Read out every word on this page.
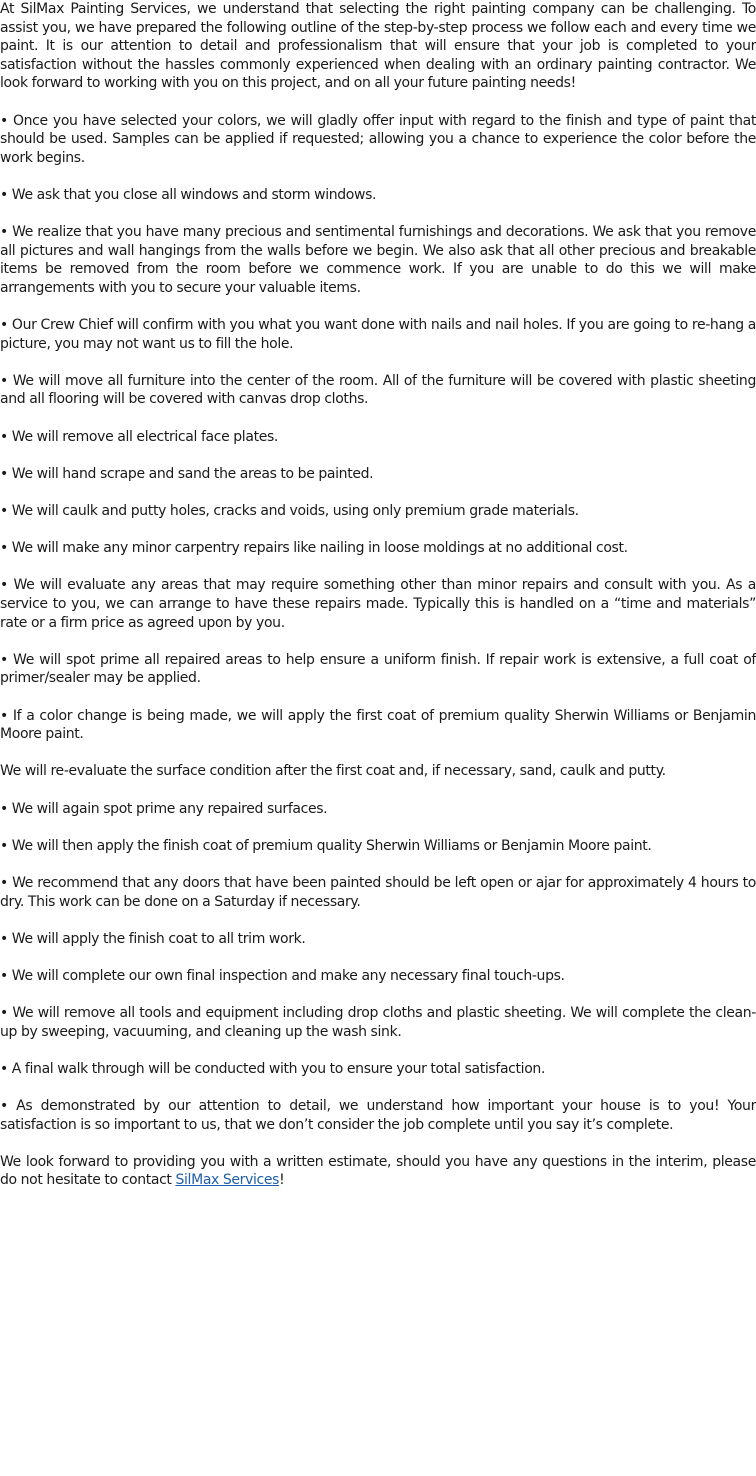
At SilMax Painting Services, we understand that selecting the right painting company can be challenging. To assist you, we have prepared the following outline of the step-by-step process we follow each and every time we paint. It is our attention to detail and professionalism that will ensure that your job is completed to your satisfaction without the hassles commonly experienced when dealing with an ordinary painting contractor. We look forward to working with you on this project, and on all your future painting needs!

• Once you have selected your colors, we will gladly offer input with regard to the finish and type of paint that should be used. Samples can be applied if requested; allowing you a chance to experience the color before the work begins.

• We ask that you close all windows and storm windows.

• We realize that you have many precious and sentimental furnishings and decorations. We ask that you remove all pictures and wall hangings from the walls before we begin. We also ask that all other precious and breakable items be removed from the room before we commence work. If you are unable to do this we will make arrangements with you to secure your valuable items.

• Our Crew Chief will confirm with you what you want done with nails and nail holes. If you are going to re-hang a picture, you may not want us to fill the hole.

• We will move all furniture into the center of the room. All of the furniture will be covered with plastic sheeting and all flooring will be covered with canvas drop cloths.

• We will remove all electrical face plates.

• We will hand scrape and sand the areas to be painted.

• We will caulk and putty holes, cracks and voids, using only premium grade materials.

• We will make any minor carpentry repairs like nailing in loose moldings at no additional cost.

• We will evaluate any areas that may require something other than minor repairs and consult with you. As a service to you, we can arrange to have these repairs made. Typically this is handled on a “time and materials” rate or a firm price as agreed upon by you.

• We will spot prime all repaired areas to help ensure a uniform finish. If repair work is extensive, a full coat of primer/sealer may be applied.

• If a color change is being made, we will apply the first coat of premium quality Sherwin Williams or Benjamin Moore paint.

We will re-evaluate the surface condition after the first coat and, if necessary, sand, caulk and putty.

• We will again spot prime any repaired surfaces.

• We will then apply the finish coat of premium quality Sherwin Williams or Benjamin Moore paint.

• We recommend that any doors that have been painted should be left open or ajar for approximately 4 hours to dry. This work can be done on a Saturday if necessary.

• We will apply the finish coat to all trim work.

• We will complete our own final inspection and make any necessary final touch-ups.

• We will remove all tools and equipment including drop cloths and plastic sheeting. We will complete the clean-up by sweeping, vacuuming, and cleaning up the wash sink.

• A final walk through will be conducted with you to ensure your total satisfaction.

• As demonstrated by our attention to detail, we understand how important your house is to you! Your satisfaction is so important to us, that we don’t consider the job complete until you say it’s complete.

We look forward to providing you with a written estimate, should you have any questions in the interim, please do not hesitate to contact SilMax Services!
